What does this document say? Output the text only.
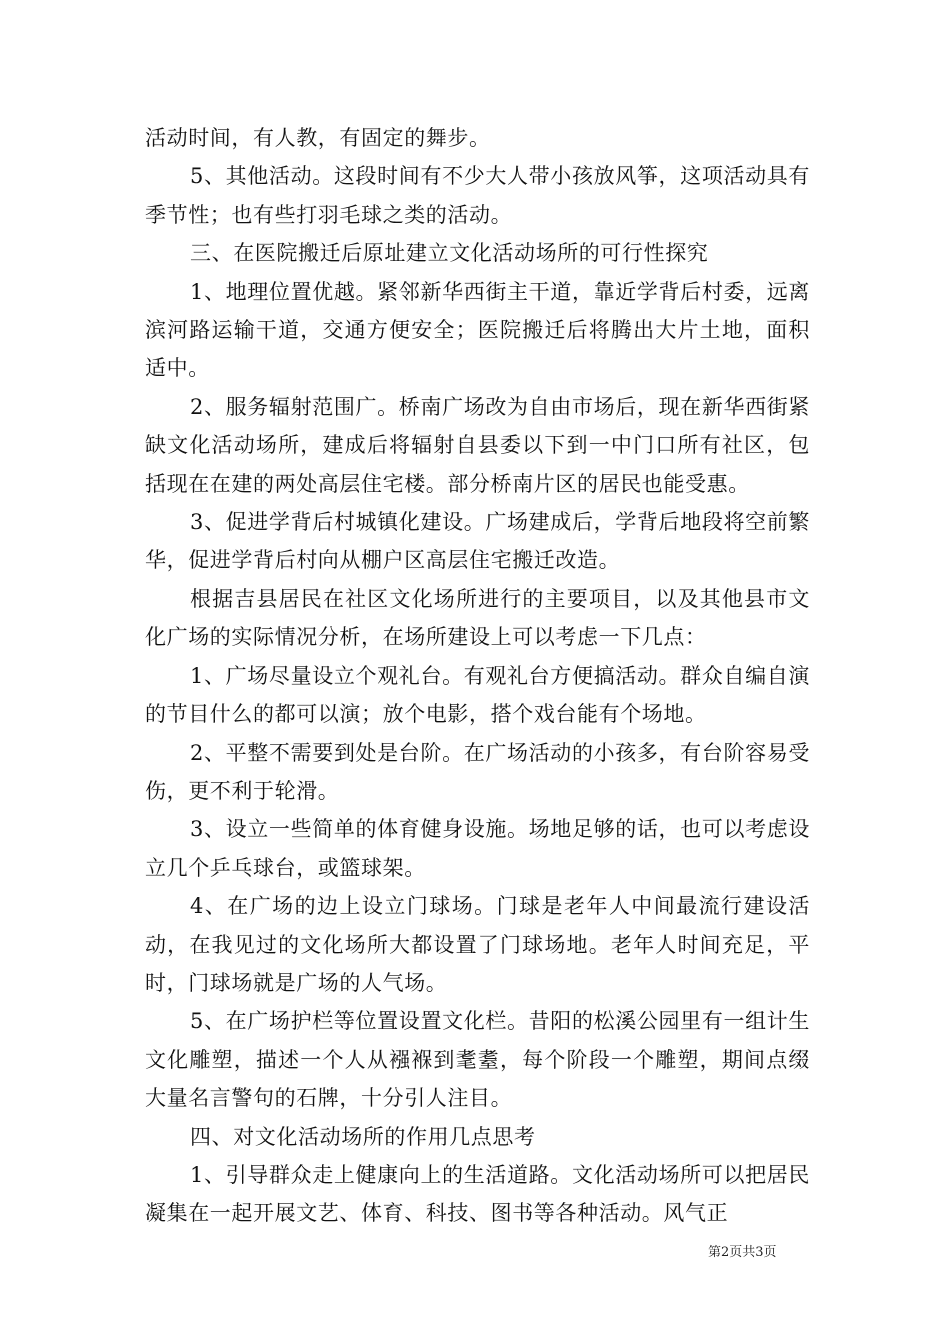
活动时间，有人教，有固定的舞步。

5、其他活动。这段时间有不少大人带小孩放风筝，这项活动具有季节性；也有些打羽毛球之类的活动。

三、在医院搬迁后原址建立文化活动场所的可行性探究

1、地理位置优越。紧邻新华西街主干道，靠近学背后村委，远离滨河路运输干道，交通方便安全；医院搬迁后将腾出大片土地，面积适中。

2、服务辐射范围广。桥南广场改为自由市场后，现在新华西街紧缺文化活动场所，建成后将辐射自县委以下到一中门口所有社区，包括现在在建的两处高层住宅楼。部分桥南片区的居民也能受惠。

3、促进学背后村城镇化建设。广场建成后，学背后地段将空前繁华，促进学背后村向从棚户区高层住宅搬迁改造。

根据吉县居民在社区文化场所进行的主要项目，以及其他县市文化广场的实际情况分析，在场所建设上可以考虑一下几点：

1、广场尽量设立个观礼台。有观礼台方便搞活动。群众自编自演的节目什么的都可以演；放个电影，搭个戏台能有个场地。

2、平整不需要到处是台阶。在广场活动的小孩多，有台阶容易受伤，更不利于轮滑。

3、设立一些简单的体育健身设施。场地足够的话，也可以考虑设立几个乒乓球台，或篮球架。

4、在广场的边上设立门球场。门球是老年人中间最流行建设活动，在我见过的文化场所大都设置了门球场地。老年人时间充足，平时，门球场就是广场的人气场。

5、在广场护栏等位置设置文化栏。昔阳的松溪公园里有一组计生文化雕塑，描述一个人从襁褓到耄耋，每个阶段一个雕塑，期间点缀大量名言警句的石牌，十分引人注目。

四、对文化活动场所的作用几点思考

1、引导群众走上健康向上的生活道路。文化活动场所可以把居民凝集在一起开展文艺、体育、科技、图书等各种活动。风气正

第2页共3页
